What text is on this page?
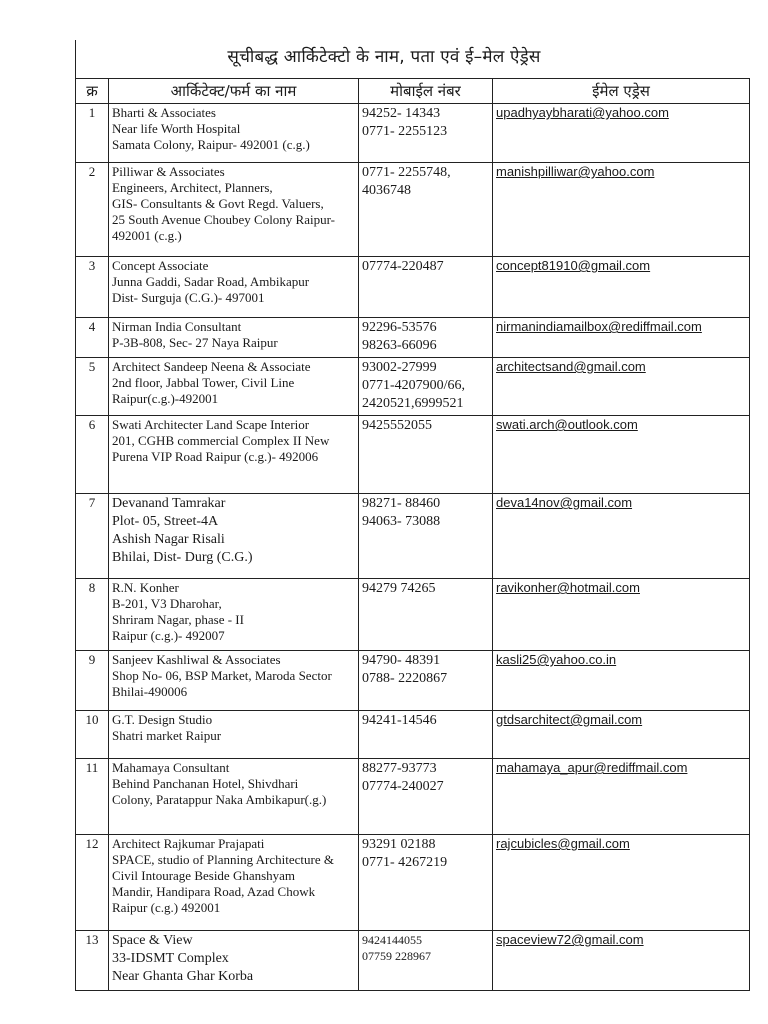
सूचीबद्ध आर्किटेक्टो के नाम, पता एवं ई–मेल ऐड्रेस
क्र	आर्किटेक्ट/फर्म का नाम	मोबाईल नंबर	ईमेल एड्रेस
1	Bharti & Associates
Near life Worth Hospital
Samata Colony, Raipur- 492001 (c.g.)	94252- 14343
0771- 2255123	upadhyaybharati@yahoo.com
2	Pilliwar & Associates
Engineers, Architect, Planners,
GIS- Consultants & Govt Regd. Valuers,
25 South Avenue Choubey Colony Raipur-
492001 (c.g.)	0771- 2255748,
4036748	manishpilliwar@yahoo.com
3	Concept Associate
Junna Gaddi, Sadar Road, Ambikapur
Dist- Surguja (C.G.)- 497001	07774-220487	concept81910@gmail.com
4	Nirman India Consultant
P-3B-808, Sec- 27 Naya Raipur	92296-53576
98263-66096	nirmanindiamailbox@rediffmail.com
5	Architect Sandeep Neena & Associate
2nd floor, Jabbal Tower, Civil Line
Raipur(c.g.)-492001	93002-27999
0771-4207900/66,
2420521,6999521	architectsand@gmail.com
6	Swati Architecter Land Scape Interior
201, CGHB commercial Complex II New
Purena VIP Road Raipur (c.g.)- 492006	9425552055	swati.arch@outlook.com
7	Devanand Tamrakar
Plot- 05, Street-4A
Ashish Nagar Risali
Bhilai, Dist- Durg (C.G.)	98271- 88460
94063- 73088	deva14nov@gmail.com
8	R.N. Konher
B-201, V3 Dharohar,
Shriram Nagar, phase - II
Raipur (c.g.)- 492007	94279 74265	ravikonher@hotmail.com
9	Sanjeev Kashliwal & Associates
Shop No- 06, BSP Market, Maroda Sector
Bhilai-490006	94790- 48391
0788- 2220867	kasli25@yahoo.co.in
10	G.T. Design Studio
Shatri market Raipur	94241-14546	gtdsarchitect@gmail.com
11	Mahamaya Consultant
Behind Panchanan Hotel, Shivdhari
Colony, Paratappur Naka Ambikapur(.g.)	88277-93773
07774-240027	mahamaya_apur@rediffmail.com
12	Architect Rajkumar Prajapati
SPACE, studio of Planning Architecture &
Civil Intourage Beside Ghanshyam
Mandir, Handipara Road, Azad Chowk
Raipur (c.g.) 492001	93291 02188
0771- 4267219	rajcubicles@gmail.com
13	Space & View
33-IDSMT Complex
Near Ghanta Ghar Korba	9424144055
07759 228967	spaceview72@gmail.com
